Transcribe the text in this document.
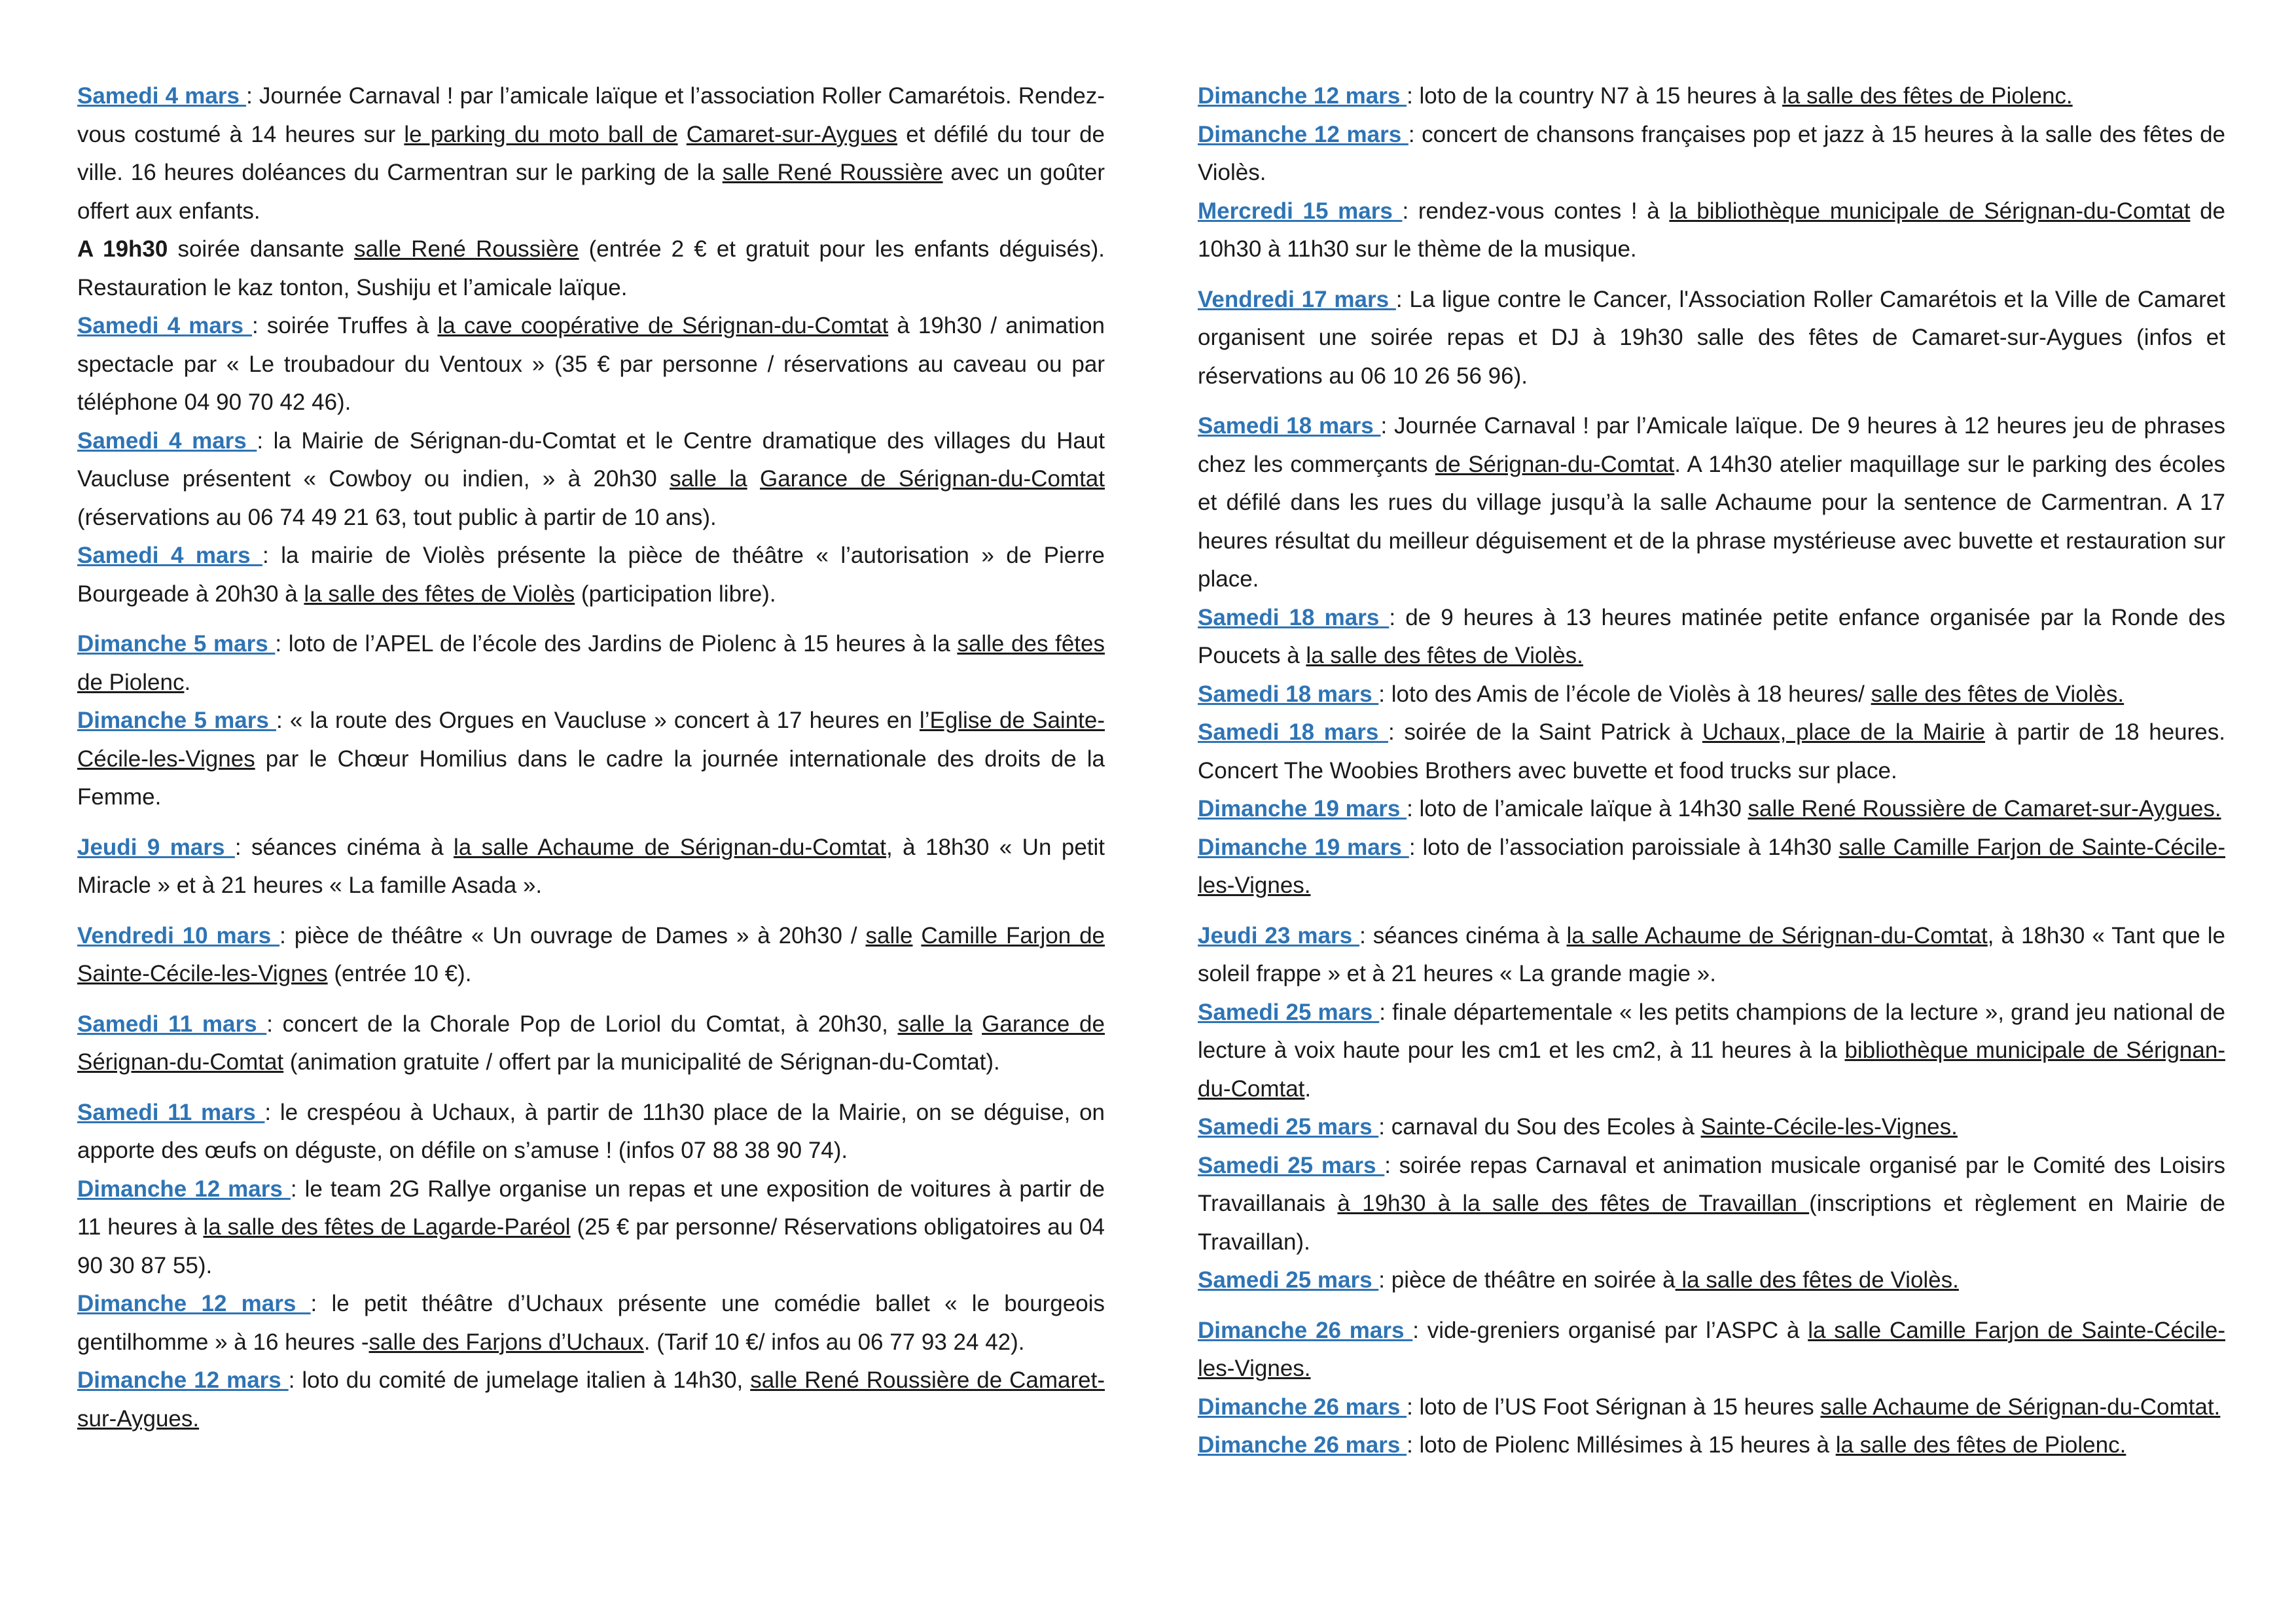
Samedi 4 mars : Journée Carnaval ! par l’amicale laïque et l’association Roller Camarétois. Rendez-vous costumé à 14 heures sur le parking du moto ball de Camaret-sur-Aygues et défilé du tour de ville. 16 heures doléances du Carmentran sur le parking de la salle René Roussière avec un goûter offert aux enfants.

A 19h30 soirée dansante salle René Roussière (entrée 2 € et gratuit pour les enfants déguisés). Restauration le kaz tonton, Sushiju et l’amicale laïque.

Samedi 4 mars : soirée Truffes à la cave coopérative de Sérignan-du-Comtat à 19h30 / animation spectacle par « Le troubadour du Ventoux » (35 € par personne / réservations au caveau ou par téléphone 04 90 70 42 46).

Samedi 4 mars : la Mairie de Sérignan-du-Comtat et le Centre dramatique des villages du Haut Vaucluse présentent « Cowboy ou indien, » à 20h30 salle la Garance de Sérignan-du-Comtat (réservations au 06 74 49 21 63, tout public à partir de 10 ans).

Samedi 4 mars : la mairie de Violès présente la pièce de théâtre « l’autorisation » de Pierre Bourgeade à 20h30 à la salle des fêtes de Violès (participation libre).

Dimanche 5 mars : loto de l’APEL de l’école des Jardins de Piolenc à 15 heures à la salle des fêtes de Piolenc.

Dimanche 5 mars : « la route des Orgues en Vaucluse » concert à 17 heures en l’Eglise de Sainte-Cécile-les-Vignes par le Chœur Homilius dans le cadre la journée internationale des droits de la Femme.

Jeudi 9 mars : séances cinéma à la salle Achaume de Sérignan-du-Comtat, à 18h30 « Un petit Miracle » et à 21 heures « La famille Asada ».

Vendredi 10 mars : pièce de théâtre « Un ouvrage de Dames » à 20h30 / salle Camille Farjon de Sainte-Cécile-les-Vignes (entrée 10 €).

Samedi 11 mars : concert de la Chorale Pop de Loriol du Comtat, à 20h30, salle la Garance de Sérignan-du-Comtat (animation gratuite / offert par la municipalité de Sérignan-du-Comtat).

Samedi 11 mars : le crespéou à Uchaux, à partir de 11h30 place de la Mairie, on se déguise, on apporte des œufs on déguste, on défile on s’amuse ! (infos 07 88 38 90 74).

Dimanche 12 mars : le team 2G Rallye organise un repas et une exposition de voitures à partir de 11 heures à la salle des fêtes de Lagarde-Paréol (25 € par personne/ Réservations obligatoires au 04 90 30 87 55).

Dimanche 12 mars : le petit théâtre d’Uchaux présente une comédie ballet « le bourgeois gentilhomme » à 16 heures -salle des Farjons d’Uchaux. (Tarif 10 €/ infos au 06 77 93 24 42).

Dimanche 12 mars : loto du comité de jumelage italien à 14h30, salle René Roussière de Camaret-sur-Aygues.

Dimanche 12 mars : loto de la country N7 à 15 heures à la salle des fêtes de Piolenc.

Dimanche 12 mars : concert de chansons françaises pop et jazz à 15 heures à la salle des fêtes de Violès.

Mercredi 15 mars : rendez-vous contes ! à la bibliothèque municipale de Sérignan-du-Comtat de 10h30 à 11h30 sur le thème de la musique.

Vendredi 17 mars : La ligue contre le Cancer, l'Association Roller Camarétois et la Ville de Camaret organisent une soirée repas et DJ à 19h30 salle des fêtes de Camaret-sur-Aygues (infos et réservations au 06 10 26 56 96).

Samedi 18 mars : Journée Carnaval ! par l’Amicale laïque. De 9 heures à 12 heures jeu de phrases chez les commerçants de Sérignan-du-Comtat. A 14h30 atelier maquillage sur le parking des écoles et défilé dans les rues du village jusqu’à la salle Achaume pour la sentence de Carmentran. A 17 heures résultat du meilleur déguisement et de la phrase mystérieuse avec buvette et restauration sur place.

Samedi 18 mars : de 9 heures à 13 heures matinée petite enfance organisée par la Ronde des Poucets à la salle des fêtes de Violès.

Samedi 18 mars : loto des Amis de l’école de Violès à 18 heures/ salle des fêtes de Violès.

Samedi 18 mars : soirée de la Saint Patrick à Uchaux, place de la Mairie à partir de 18 heures. Concert The Woobies Brothers avec buvette et food trucks sur place.

Dimanche 19 mars : loto de l’amicale laïque à 14h30 salle René Roussière de Camaret-sur-Aygues.

Dimanche 19 mars : loto de l’association paroissiale à 14h30 salle Camille Farjon de Sainte-Cécile-les-Vignes.

Jeudi 23 mars : séances cinéma à la salle Achaume de Sérignan-du-Comtat, à 18h30 « Tant que le soleil frappe » et à 21 heures « La grande magie ».

Samedi 25 mars : finale départementale « les petits champions de la lecture », grand jeu national de lecture à voix haute pour les cm1 et les cm2, à 11 heures à la bibliothèque municipale de Sérignan-du-Comtat.

Samedi 25 mars : carnaval du Sou des Ecoles à Sainte-Cécile-les-Vignes.

Samedi 25 mars : soirée repas Carnaval et animation musicale organisé par le Comité des Loisirs Travaillanais à 19h30 à la salle des fêtes de Travaillan (inscriptions et règlement en Mairie de Travaillan).

Samedi 25 mars : pièce de théâtre en soirée à la salle des fêtes de Violès.

Dimanche 26 mars : vide-greniers organisé par l’ASPC à la salle Camille Farjon de Sainte-Cécile-les-Vignes.

Dimanche 26 mars : loto de l’US Foot Sérignan à 15 heures salle Achaume de Sérignan-du-Comtat.

Dimanche 26 mars : loto de Piolenc Millésimes à 15 heures à la salle des fêtes de Piolenc.
